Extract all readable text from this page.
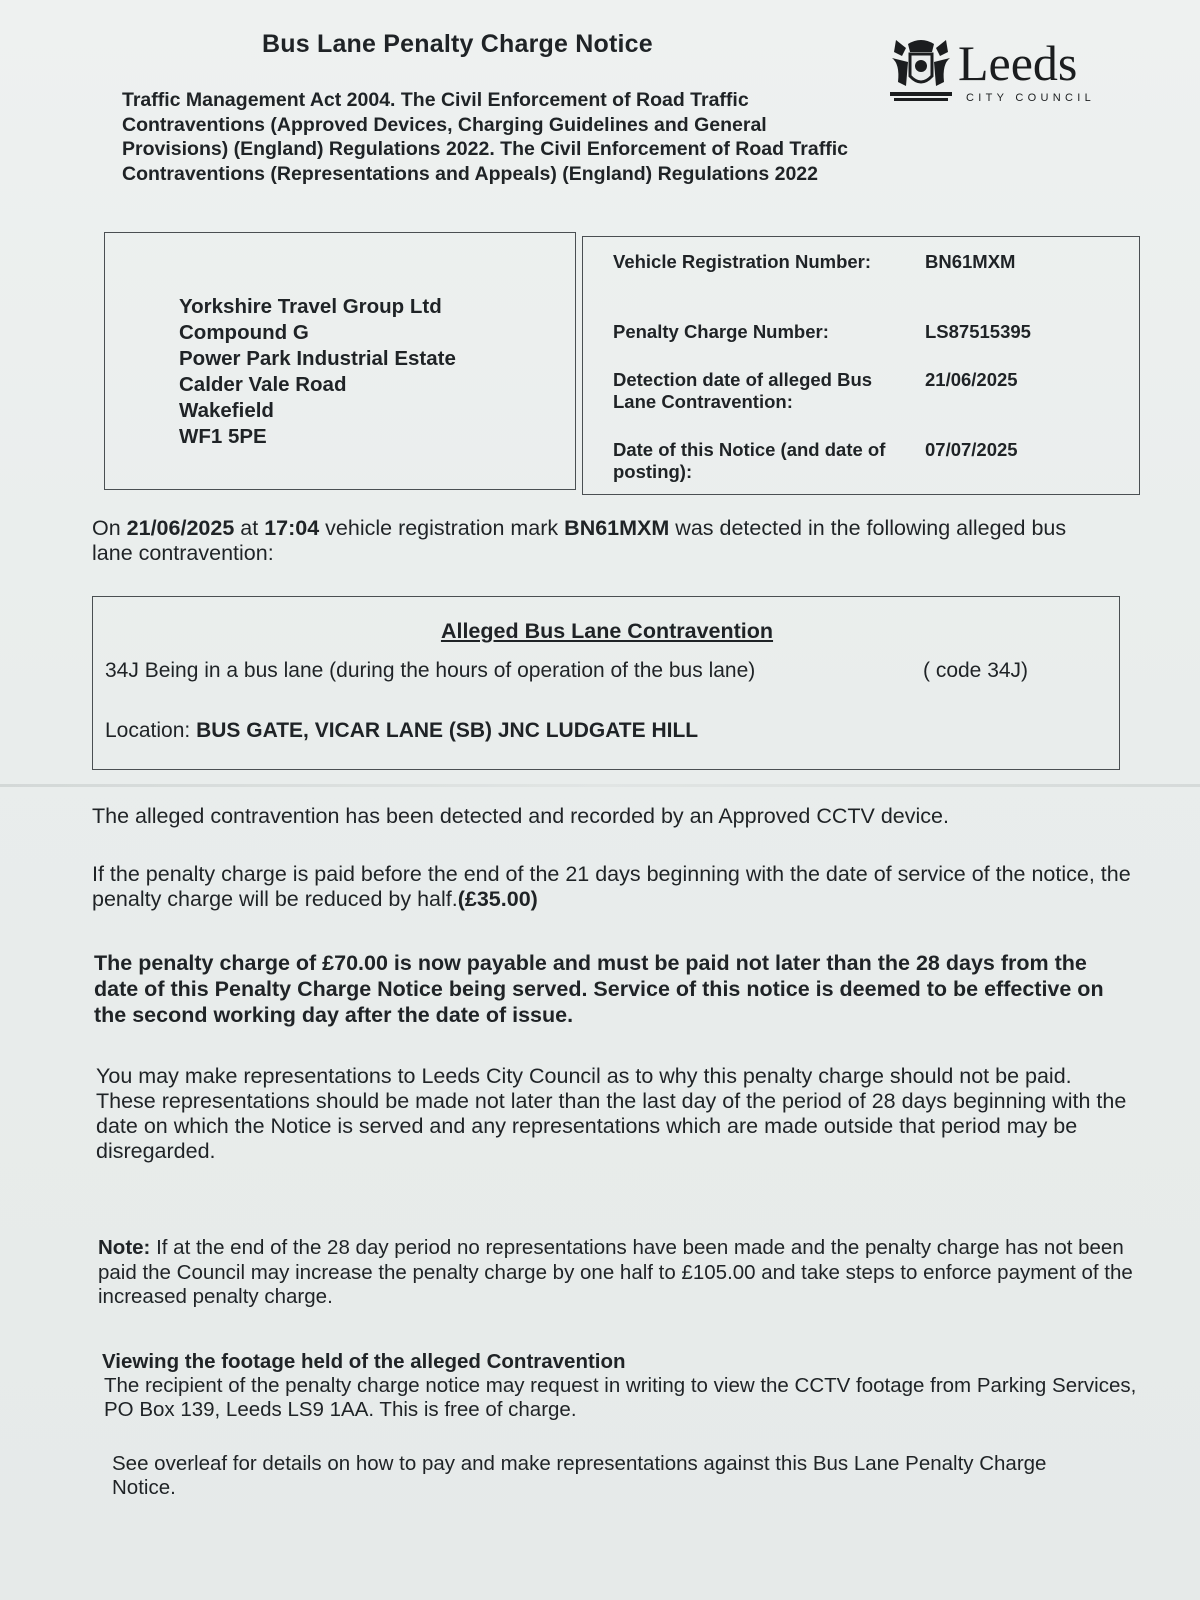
Bus Lane Penalty Charge Notice	Leeds
CITY COUNCIL

Traffic Management Act 2004. The Civil Enforcement of Road Traffic Contraventions (Approved Devices, Charging Guidelines and General Provisions) (England) Regulations 2022. The Civil Enforcement of Road Traffic Contraventions (Representations and Appeals) (England) Regulations 2022

Yorkshire Travel Group Ltd
Compound G
Power Park Industrial Estate
Calder Vale Road
Wakefield
WF1 5PE
Vehicle Registration Number:	BN61MXM
Penalty Charge Number:	LS87515395
Detection date of alleged Bus Lane Contravention:
21/06/2025
Date of this Notice (and date of posting):
07/07/2025

On 21/06/2025 at 17:04 vehicle registration mark BN61MXM was detected in the following alleged bus lane contravention:

Alleged Bus Lane Contravention
34J Being in a bus lane (during the hours of operation of the bus lane)	( code 34J)
Location: BUS GATE, VICAR LANE (SB) JNC LUDGATE HILL

The alleged contravention has been detected and recorded by an Approved CCTV device.

If the penalty charge is paid before the end of the 21 days beginning with the date of service of the notice, the penalty charge will be reduced by half.(£35.00)

The penalty charge of £70.00 is now payable and must be paid not later than the 28 days from the date of this Penalty Charge Notice being served. Service of this notice is deemed to be effective on the second working day after the date of issue.

You may make representations to Leeds City Council as to why this penalty charge should not be paid. These representations should be made not later than the last day of the period of 28 days beginning with the date on which the Notice is served and any representations which are made outside that period may be disregarded.

Note: If at the end of the 28 day period no representations have been made and the penalty charge has not been paid the Council may increase the penalty charge by one half to £105.00 and take steps to enforce payment of the increased penalty charge.

Viewing the footage held of the alleged Contravention

The recipient of the penalty charge notice may request in writing to view the CCTV footage from Parking Services, PO Box 139, Leeds LS9 1AA. This is free of charge.

See overleaf for details on how to pay and make representations against this Bus Lane Penalty Charge Notice.
